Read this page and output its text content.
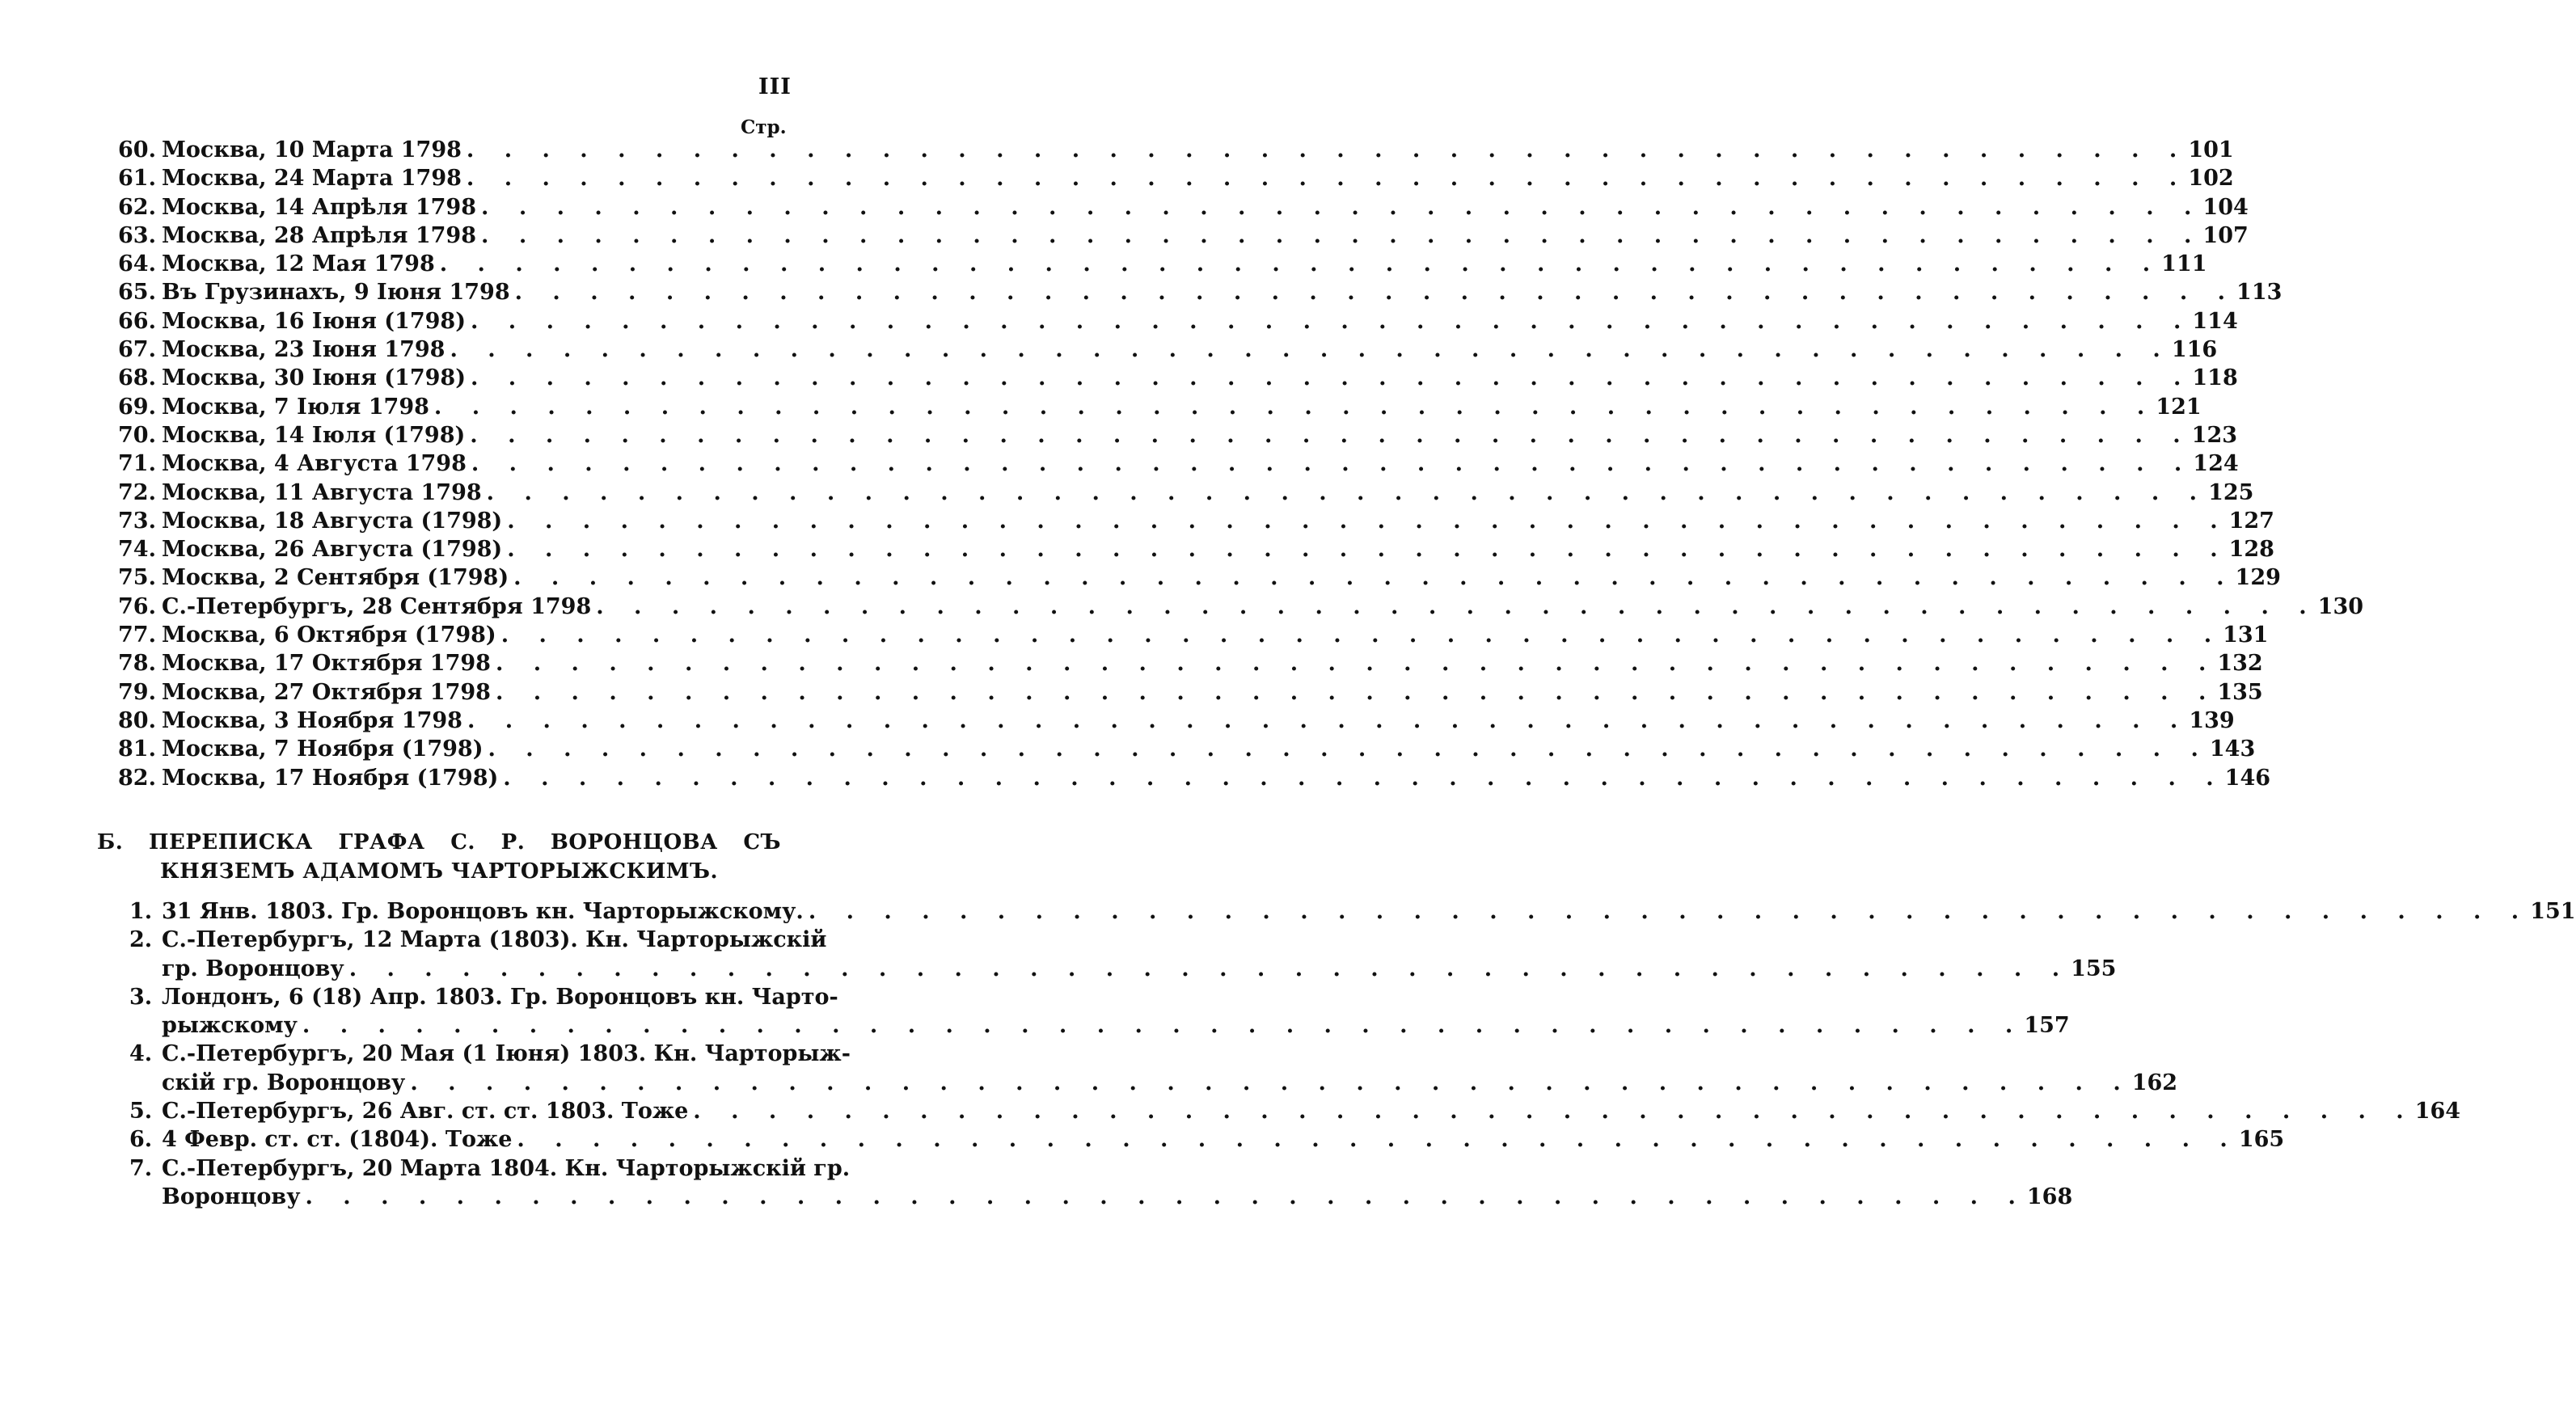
III
Стр.
60. Москва, 10 Марта 1798 . . .	101
61. Москва, 24 Марта 1798 . . .	102
62. Москва, 14 Апрѣля 1798 . . .	104
63. Москва, 28 Апрѣля 1798 . . .	107
64. Москва, 12 Мая 1798 . . .	111
65. Въ Грузинахъ, 9 Іюня 1798 . . .	113
66. Москва, 16 Іюня (1798) . . .	114
67. Москва, 23 Іюня 1798 . . .	116
68. Москва, 30 Іюня (1798) . . .	118
69. Москва, 7 Іюля 1798 . . .	121
70. Москва, 14 Іюля (1798) . . .	123
71. Москва, 4 Августа 1798 . . .	124
72. Москва, 11 Августа 1798 . . .	125
73. Москва, 18 Августа (1798) . . .	127
74. Москва, 26 Августа (1798) . . .	128
75. Москва, 2 Сентября (1798) . . .	129
76. С.-Петербургъ, 28 Сентября 1798 . . .	130
77. Москва, 6 Октября (1798) . . .	131
78. Москва, 17 Октября 1798 . . .	132
79. Москва, 27 Октября 1798 . . .	135
80. Москва, 3 Ноября 1798 . . .	139
81. Москва, 7 Ноября (1798) . . .	143
82. Москва, 17 Ноября (1798) . . .	146
Б. ПЕРЕПИСКА ГРАФА С. Р. ВОРОНЦОВА СЪ КНЯЗЕМЪ АДАМОМЪ ЧАРТОРЫЖСКИМЪ.
1. 31 Янв. 1803. Гр. Воронцовъ кн. Чарторыжскому. . . .	151
2. С.-Петербургъ, 12 Марта (1803). Кн. Чарторыжскій
гр. Воронцову . . .	155
3. Лондонъ, 6 (18) Апр. 1803. Гр. Воронцовъ кн. Чарто-
рыжскому . . .	157
4. С.-Петербургъ, 20 Мая (1 Іюня) 1803. Кн. Чарторыж-
скій гр. Воронцову . . .	162
5. С.-Петербургъ, 26 Авг. ст. ст. 1803. Тоже . . .	164
6. 4 Февр. ст. ст. (1804). Тоже . . .	165
7. С.-Петербургъ, 20 Марта 1804. Кн. Чарторыжскій гр.
Воронцову . . .	168
